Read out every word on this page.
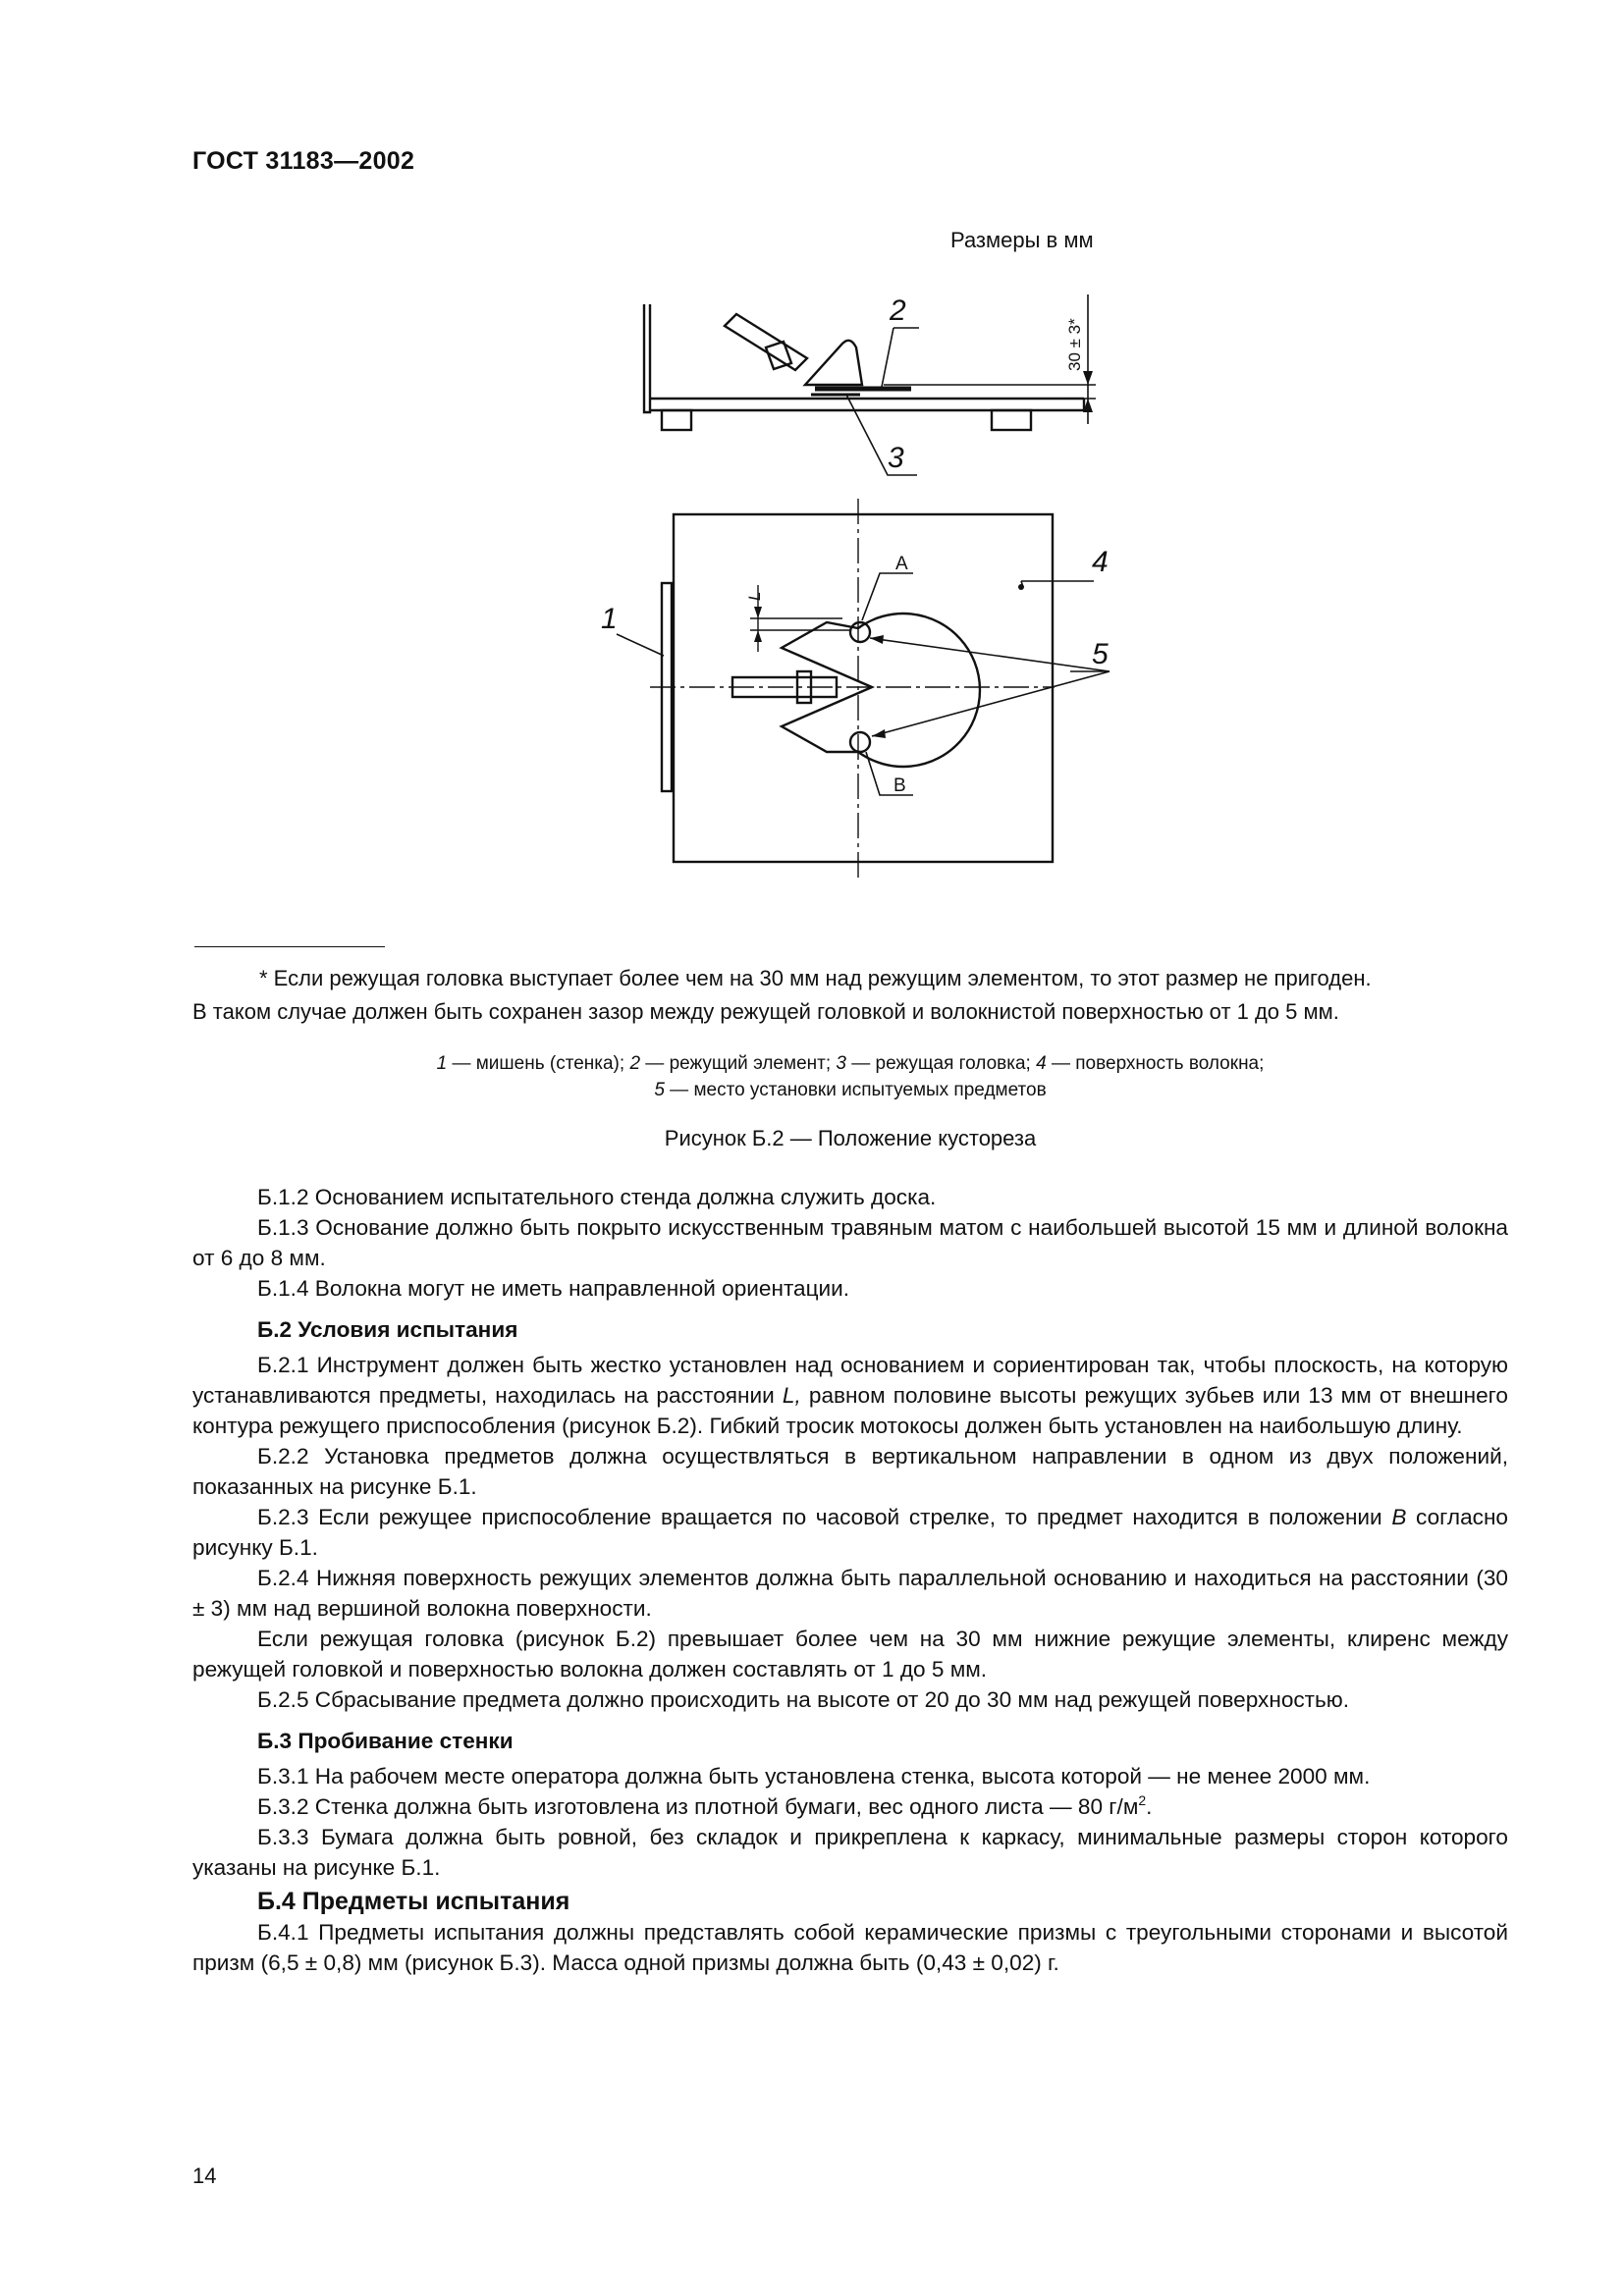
ГОСТ 31183—2002
Размеры в мм
2
3
1
4
5
А
В
L
30 ± 3*
* Если режущая головка выступает более чем на 30 мм над режущим элементом, то этот размер не пригоден.
В таком случае должен быть сохранен зазор между режущей головкой и волокнистой поверхностью от 1 до 5 мм.
1 — мишень (стенка); 2 — режущий элемент; 3 — режущая головка; 4 — поверхность волокна;
5 — место установки испытуемых предметов
Рисунок Б.2 — Положение кустореза

Б.1.2 Основанием испытательного стенда должна служить доска.

Б.1.3 Основание должно быть покрыто искусственным травяным матом с наибольшей высотой 15 мм и длиной волокна от 6 до 8 мм.

Б.1.4 Волокна могут не иметь направленной ориентации.

Б.2 Условия испытания

Б.2.1 Инструмент должен быть жестко установлен над основанием и сориентирован так, чтобы плоскость, на которую устанавливаются предметы, находилась на расстоянии L, равном половине высоты режущих зубьев или 13 мм от внешнего контура режущего приспособления (рисунок Б.2). Гибкий тросик мотокосы должен быть установлен на наибольшую длину.

Б.2.2 Установка предметов должна осуществляться в вертикальном направлении в одном из двух положений, показанных на рисунке Б.1.

Б.2.3 Если режущее приспособление вращается по часовой стрелке, то предмет находится в положении В согласно рисунку Б.1.

Б.2.4 Нижняя поверхность режущих элементов должна быть параллельной основанию и находиться на расстоянии (30 ± 3) мм над вершиной волокна поверхности.

Если режущая головка (рисунок Б.2) превышает более чем на 30 мм нижние режущие элементы, клиренс между режущей головкой и поверхностью волокна должен составлять от 1 до 5 мм.

Б.2.5 Сбрасывание предмета должно происходить на высоте от 20 до 30 мм над режущей поверхностью.

Б.3 Пробивание стенки

Б.3.1 На рабочем месте оператора должна быть установлена стенка, высота которой — не менее 2000 мм.

Б.3.2 Стенка должна быть изготовлена из плотной бумаги, вес одного листа — 80 $г/м^2$.

Б.3.3 Бумага должна быть ровной, без складок и прикреплена к каркасу, минимальные размеры сторон которого указаны на рисунке Б.1.

Б.4 Предметы испытания

Б.4.1 Предметы испытания должны представлять собой керамические призмы с треугольными сторонами и высотой призм (6,5 ± 0,8) мм (рисунок Б.3). Масса одной призмы должна быть (0,43 ± 0,02) г.

14
